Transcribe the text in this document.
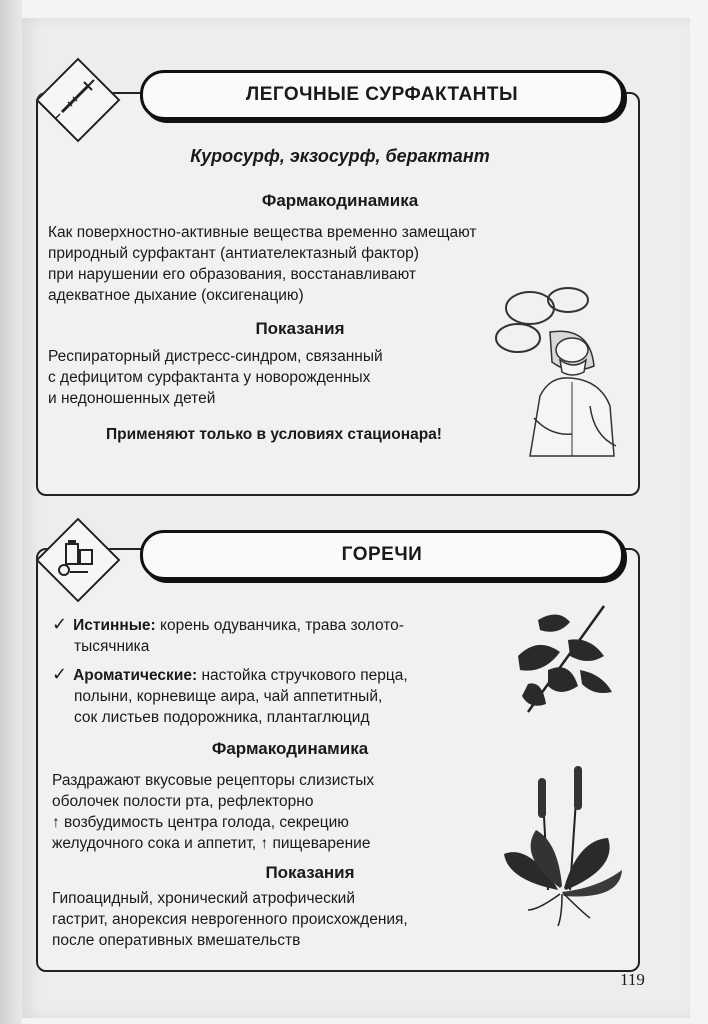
ЛЕГОЧНЫЕ СУРФАКТАНТЫ
Куросурф, экзосурф, берактант
Фармакодинамика
Как поверхностно-активные вещества временно замещают
природный сурфактант (антиателектазный фактор)
при нарушении его образования, восстанавливают
адекватное дыхание (оксигенацию)
Показания
Респираторный дистресс-синдром, связанный
с дефицитом сурфактанта у новорожденных
и недоношенных детей
Применяют только в условиях стационара!
ГОРЕЧИ
✓ Истинные: корень одуванчика, трава золото-
тысячника
✓ Ароматические: настойка стручкового перца,
полыни, корневище аира, чай аппетитный,
сок листьев подорожника, плантаглюцид
Фармакодинамика
Раздражают вкусовые рецепторы слизистых
оболочек полости рта, рефлекторно
↑ возбудимость центра голода, секрецию
желудочного сока и аппетит, ↑ пищеварение
Показания
Гипоацидный, хронический атрофический
гастрит, анорексия неврогенного происхождения,
после оперативных вмешательств
119
